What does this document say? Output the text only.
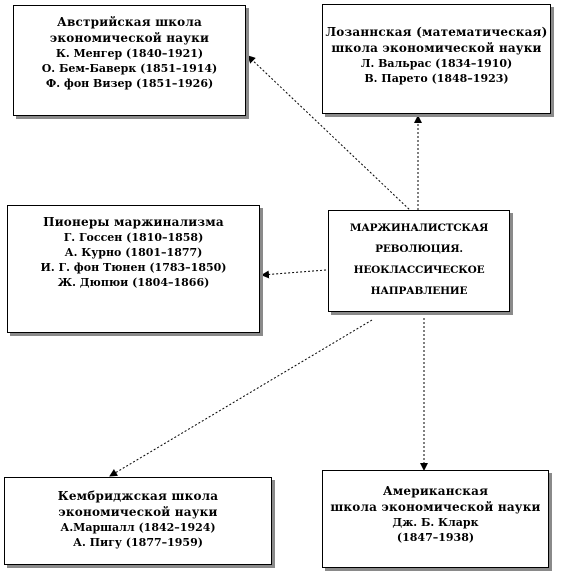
Австрийская школа
экономической науки
К. Менгер (1840–1921)
О. Бем-Баверк (1851–1914)
Ф. фон Визер (1851–1926)
Лозаннская (математическая)
школа экономической науки
Л. Вальрас (1834–1910)
В. Парето (1848–1923)
Пионеры маржинализма
Г. Госсен (1810–1858)
А. Курно (1801–1877)
И. Г. фон Тюнен (1783–1850)
Ж. Дюпюи (1804–1866)
МАРЖИНАЛИСТСКАЯ
РЕВОЛЮЦИЯ.
НЕОКЛАССИЧЕСКОЕ
НАПРАВЛЕНИЕ
Кембриджская школа
экономической науки
А.Маршалл (1842–1924)
А. Пигу (1877–1959)
Американская
школа экономической науки
Дж. Б. Кларк
(1847–1938)
